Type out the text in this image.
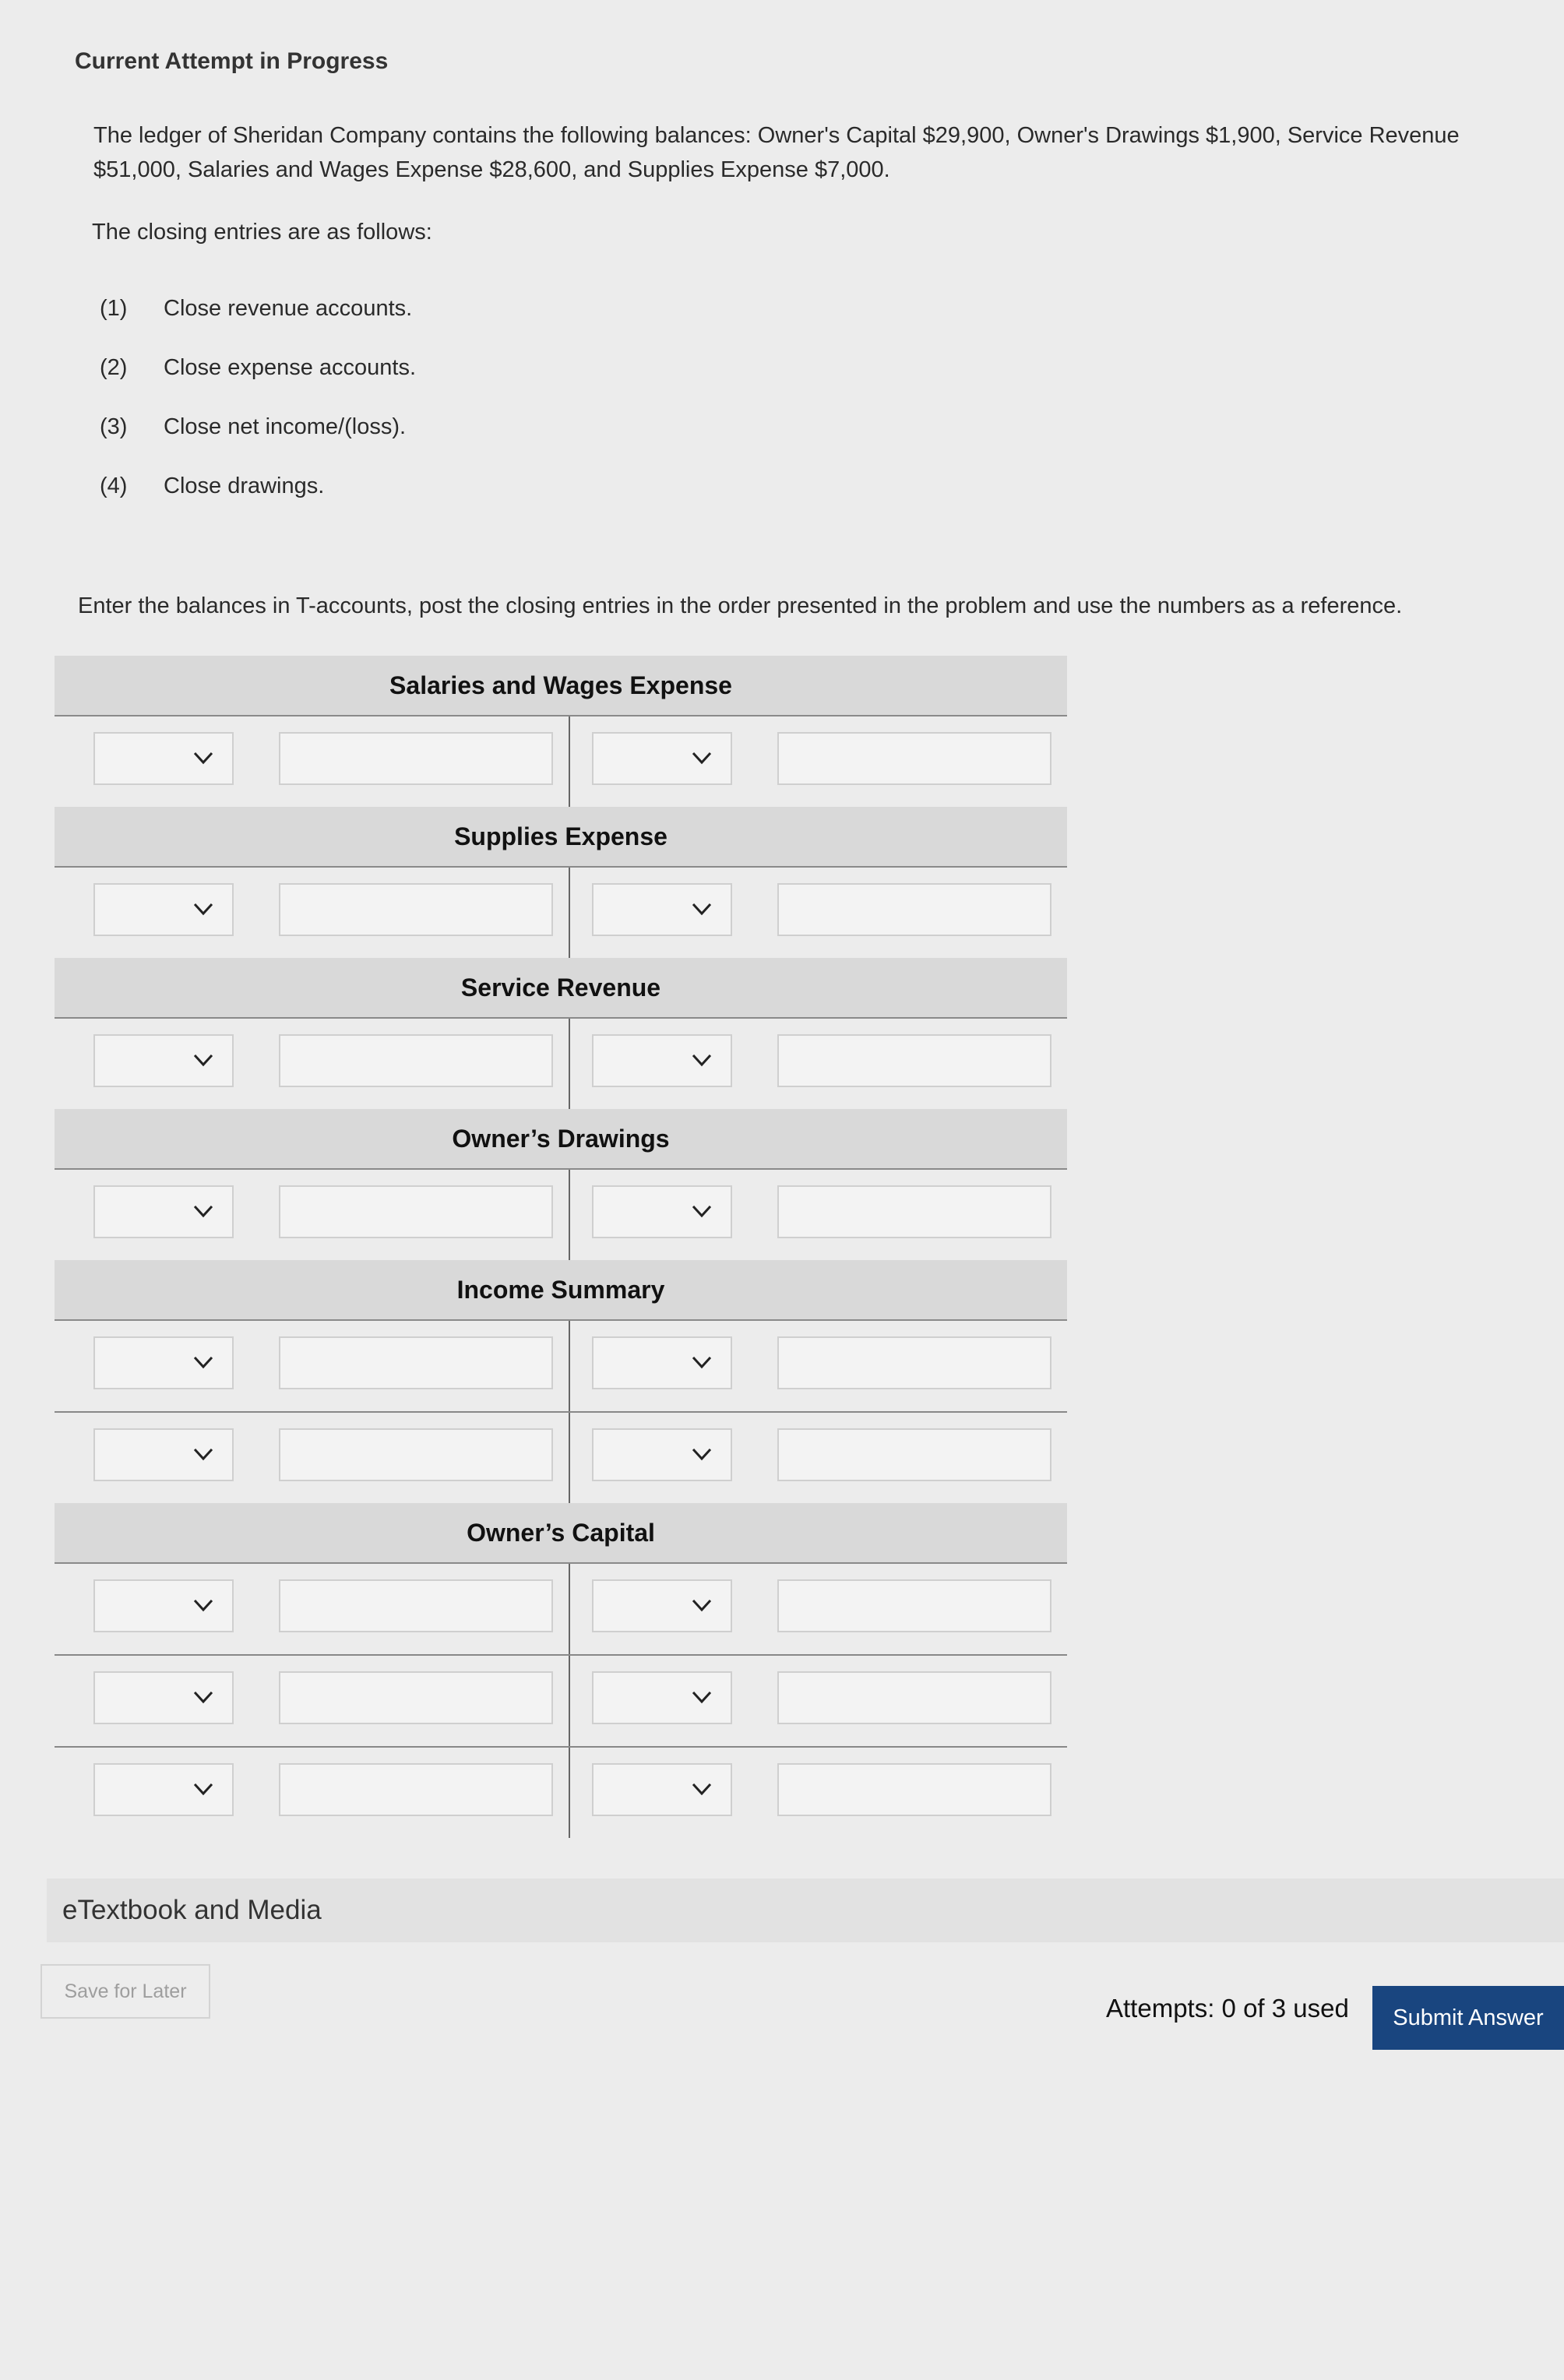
Current Attempt in Progress
The ledger of Sheridan Company contains the following balances: Owner's Capital $29,900, Owner's Drawings $1,900, Service Revenue $51,000, Salaries and Wages Expense $28,600, and Supplies Expense $7,000.
The closing entries are as follows:
(1) Close revenue accounts.
(2) Close expense accounts.
(3) Close net income/(loss).
(4) Close drawings.
Enter the balances in T-accounts, post the closing entries in the order presented in the problem and use the numbers as a reference.
Salaries and Wages Expense
Supplies Expense
Service Revenue
Owner’s Drawings
Income Summary
Owner’s Capital
eTextbook and Media
Save for Later
Attempts: 0 of 3 used	Submit Answer
